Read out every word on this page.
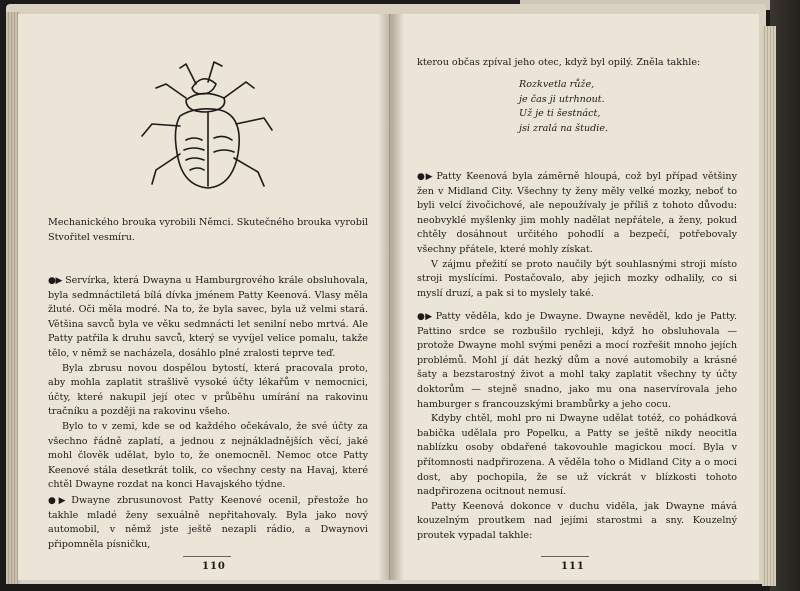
Mechanického brouka vyrobili Němci. Skutečného brouka vyrobil Stvořitel vesmíru.

●▶ Servírka, která Dwayna u Hamburgrového krále obsluhovala, byla sedmnáctiletá bílá dívka jménem Patty Keenová. Vlasy měla žluté. Oči měla modré. Na to, že byla savec, byla už velmi stará. Většina savců byla ve věku sedmnácti let senilní nebo mrtvá. Ale Patty patřila k druhu savců, který se vyvíjel velice pomalu, takže tělo, v němž se nacházela, dosáhlo plné zralosti teprve teď.

Byla zbrusu novou dospělou bytostí, která pracovala proto, aby mohla zaplatit strašlivě vysoké účty lékařům v nemocnici, účty, které nakupil její otec v průběhu umírání na rakovinu tračníku a později na rakovinu všeho.

Bylo to v zemi, kde se od každého očekávalo, že své účty za všechno řádně zaplatí, a jednou z nejnákladnějších věcí, jaké mohl člověk udělat, bylo to, že onemocněl. Nemoc otce Patty Keenové stála desetkrát tolik, co všechny cesty na Havaj, které chtěl Dwayne rozdat na konci Havajského týdne.

●▶ Dwayne zbrusunovost Patty Keenové ocenil, přestože ho takhle mladé ženy sexuálně nepřitahovaly. Byla jako nový automobil, v němž jste ještě nezapli rádio, a Dwaynovi připomněla písničku,

110

kterou občas zpíval jeho otec, když byl opilý. Zněla takhle:

Rozkvetla růže,
je čas ji utrhnout.
Už je ti šestnáct,
jsi zralá na študie.

●▶ Patty Keenová byla záměrně hloupá, což byl případ většiny žen v Midland City. Všechny ty ženy měly velké mozky, neboť to byli velcí živočichové, ale nepoužívaly je příliš z tohoto důvodu: neobvyklé myšlenky jim mohly nadělat nepřátele, a ženy, pokud chtěly dosáhnout určitého pohodlí a bezpečí, potřebovaly všechny přátele, které mohly získat.

V zájmu přežití se proto naučily být souhlasnými stroji místo stroji myslícími. Postačovalo, aby jejich mozky odhalily, co si myslí druzí, a pak si to myslely také.

●▶ Patty věděla, kdo je Dwayne. Dwayne nevěděl, kdo je Patty. Pattino srdce se rozbušilo rychleji, když ho obsluhovala — protože Dwayne mohl svými penězi a mocí rozřešit mnoho jejích problémů. Mohl jí dát hezký dům a nové automobily a krásné šaty a bezstarostný život a mohl taky zaplatit všechny ty účty doktorům — stejně snadno, jako mu ona naservírovala jeho hamburger s francouzskými brambůrky a jeho cocu.

Kdyby chtěl, mohl pro ni Dwayne udělat totéž, co pohádková babička udělala pro Popelku, a Patty se ještě nikdy neocitla nablízku osoby obdařené takovouhle magickou mocí. Byla v přítomnosti nadpřirozena. A věděla toho o Midland City a o moci dost, aby pochopila, že se už víckrát v blízkosti tohoto nadpřirozena ocitnout nemusí.

Patty Keenová dokonce v duchu viděla, jak Dwayne mává kouzelným proutkem nad jejími starostmi a sny. Kouzelný proutek vypadal takhle:

111
